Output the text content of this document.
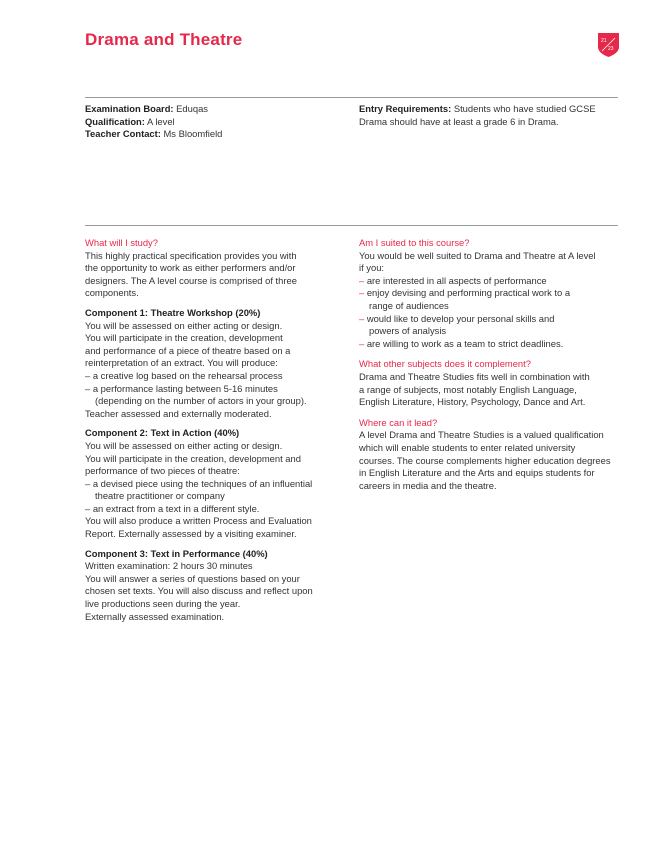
Drama and Theatre	21
23
Examination Board: Eduqas
Qualification: A level
Teacher Contact: Ms Bloomfield
Entry Requirements: Students who have studied GCSE
Drama should have at least a grade 6 in Drama.
What will I study?
This highly practical specification provides you with
the opportunity to work as either performers and/or
designers. The A level course is comprised of three
components.
Component 1: Theatre Workshop (20%)
You will be assessed on either acting or design.
You will participate in the creation, development
and performance of a piece of theatre based on a
reinterpretation of an extract. You will produce:
– a creative log based on the rehearsal process
– a performance lasting between 5-16 minutes
(depending on the number of actors in your group).
Teacher assessed and externally moderated.
Component 2: Text in Action (40%)
You will be assessed on either acting or design.
You will participate in the creation, development and
performance of two pieces of theatre:
– a devised piece using the techniques of an influential
theatre practitioner or company
– an extract from a text in a different style.
You will also produce a written Process and Evaluation
Report. Externally assessed by a visiting examiner.
Component 3: Text in Performance (40%)
Written examination: 2 hours 30 minutes
You will answer a series of questions based on your
chosen set texts. You will also discuss and reflect upon
live productions seen during the year.
Externally assessed examination.
Am I suited to this course?
You would be well suited to Drama and Theatre at A level
if you:
– are interested in all aspects of performance
– enjoy devising and performing practical work to a
range of audiences
– would like to develop your personal skills and
powers of analysis
– are willing to work as a team to strict deadlines.
What other subjects does it complement?
Drama and Theatre Studies fits well in combination with
a range of subjects, most notably English Language,
English Literature, History, Psychology, Dance and Art.
Where can it lead?
A level Drama and Theatre Studies is a valued qualification
which will enable students to enter related university
courses. The course complements higher education degrees
in English Literature and the Arts and equips students for
careers in media and the theatre.
